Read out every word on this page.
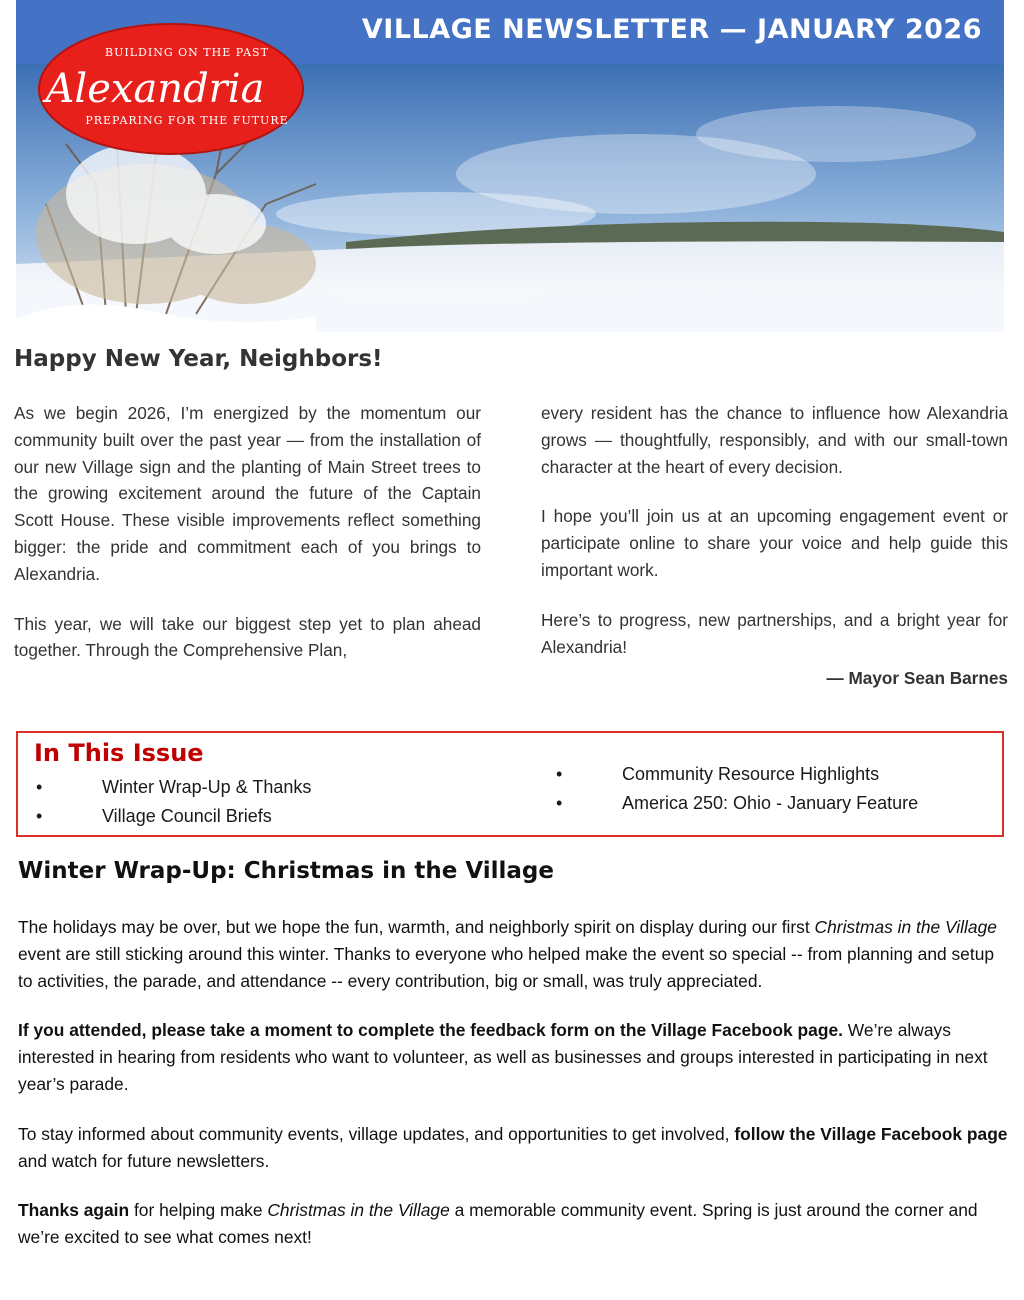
VILLAGE NEWSLETTER — JANUARY 2026
BUILDING ON THE PAST
Alexandria
PREPARING FOR THE FUTURE
Happy New Year, Neighbors!

As we begin 2026, I’m energized by the momentum our community built over the past year — from the installation of our new Village sign and the planting of Main Street trees to the growing excitement around the future of the Captain Scott House. These visible improvements reflect something bigger: the pride and commitment each of you brings to Alexandria.

This year, we will take our biggest step yet to plan ahead together. Through the Comprehensive Plan,

every resident has the chance to influence how Alexandria grows — thoughtfully, responsibly, and with our small-town character at the heart of every decision.

I hope you’ll join us at an upcoming engagement event or participate online to share your voice and help guide this important work.

Here’s to progress, new partnerships, and a bright year for Alexandria!

— Mayor Sean Barnes

In This Issue
• Winter Wrap-Up & Thanks
• Village Council Briefs
• Community Resource Highlights
• America 250: Ohio - January Feature
Winter Wrap-Up: Christmas in the Village

The holidays may be over, but we hope the fun, warmth, and neighborly spirit on display during our first Christmas in the Village event are still sticking around this winter. Thanks to everyone who helped make the event so special -- from planning and setup to activities, the parade, and attendance -- every contribution, big or small, was truly appreciated.

If you attended, please take a moment to complete the feedback form on the Village Facebook page. We’re always interested in hearing from residents who want to volunteer, as well as businesses and groups interested in participating in next year’s parade.

To stay informed about community events, village updates, and opportunities to get involved, follow the Village Facebook page and watch for future newsletters.

Thanks again for helping make Christmas in the Village a memorable community event. Spring is just around the corner and we’re excited to see what comes next!
